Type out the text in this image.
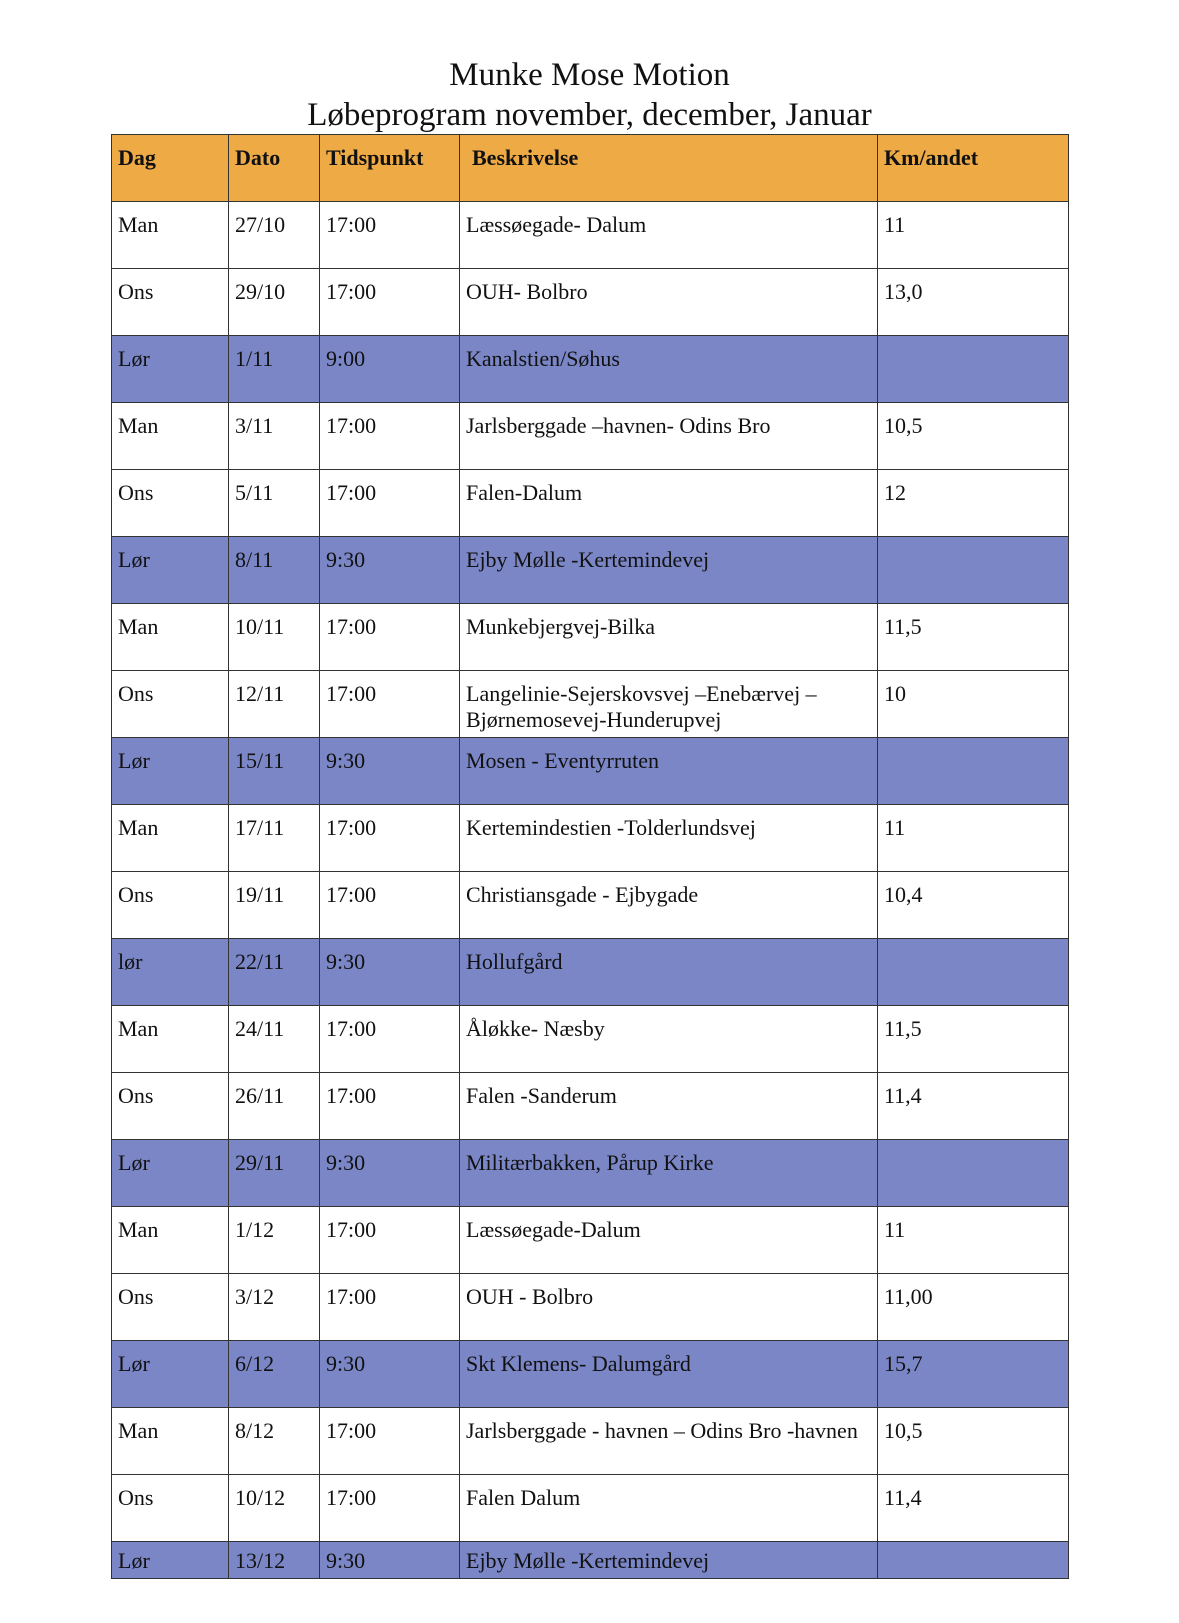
Munke Mose Motion
Løbeprogram november, december, Januar
Dag	Dato	Tidspunkt	Beskrivelse	Km/andet
Man	27/10	17:00	Læssøegade- Dalum	11
Ons	29/10	17:00	OUH- Bolbro	13,0
Lør	1/11	9:00	Kanalstien/Søhus	
Man	3/11	17:00	Jarlsberggade –havnen- Odins Bro	10,5
Ons	5/11	17:00	Falen-Dalum	12
Lør	8/11	9:30	Ejby Mølle -Kertemindevej	
Man	10/11	17:00	Munkebjergvej-Bilka	11,5
Ons	12/11	17:00	Langelinie-Sejerskovsvej –Enebærvej – Bjørnemosevej-Hunderupvej	10
Lør	15/11	9:30	Mosen - Eventyrruten	
Man	17/11	17:00	Kertemindestien -Tolderlundsvej	11
Ons	19/11	17:00	Christiansgade - Ejbygade	10,4
lør	22/11	9:30	Hollufgård	
Man	24/11	17:00	Åløkke- Næsby	11,5
Ons	26/11	17:00	Falen -Sanderum	11,4
Lør	29/11	9:30	Militærbakken, Pårup Kirke	
Man	1/12	17:00	Læssøegade-Dalum	11
Ons	3/12	17:00	OUH - Bolbro	11,00
Lør	6/12	9:30	Skt Klemens- Dalumgård	15,7
Man	8/12	17:00	Jarlsberggade - havnen – Odins Bro -havnen	10,5
Ons	10/12	17:00	Falen Dalum	11,4
Lør	13/12	9:30	Ejby Mølle -Kertemindevej	
